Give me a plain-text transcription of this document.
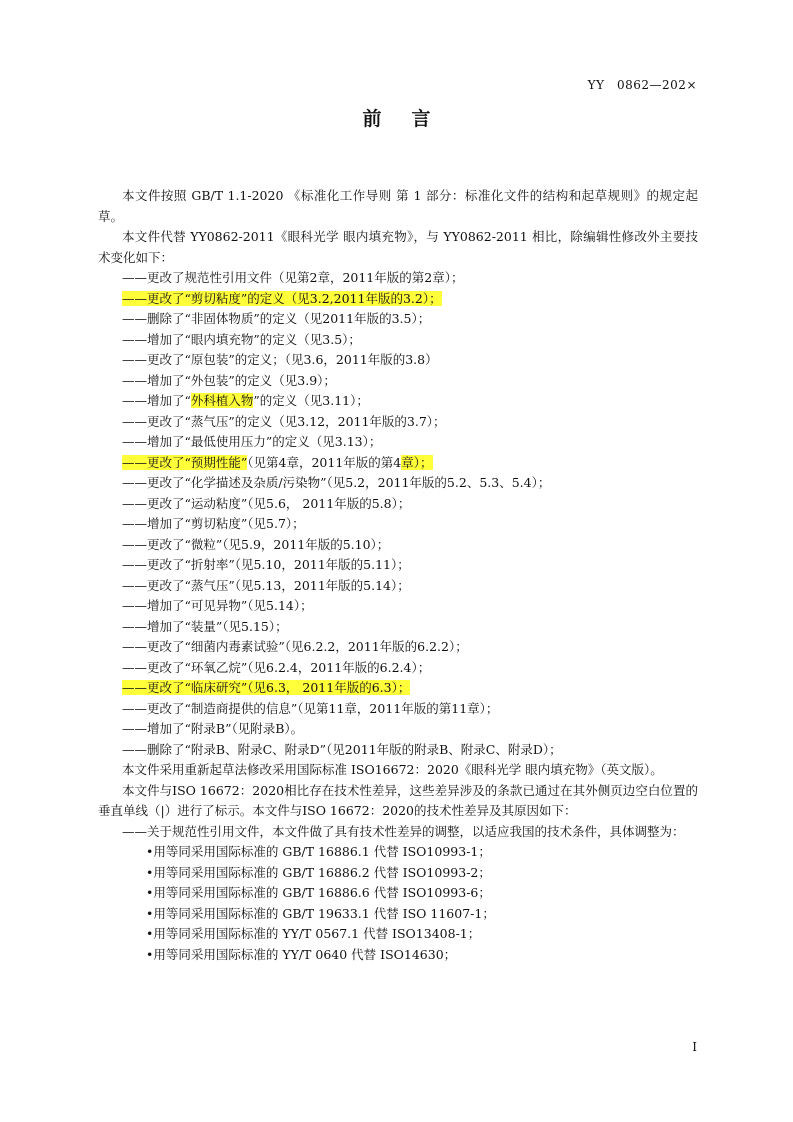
YY　0862—202×
前言

本文件按照 GB/T 1.1-2020 《标准化工作导则 第 1 部分：标准化文件的结构和起草规则》的规定起草。

本文件代替 YY0862-2011《眼科光学 眼内填充物》，与 YY0862-2011 相比，除编辑性修改外主要技术变化如下：

——更改了规范性引用文件（见第2章，2011年版的第2章）；

——更改了“剪切粘度”的定义（见3.2,2011年版的3.2）；

——删除了“非固体物质”的定义（见2011年版的3.5）；

——增加了“眼内填充物”的定义（见3.5）；

——更改了“原包装”的定义；（见3.6，2011年版的3.8）

——增加了“外包装”的定义（见3.9）；

——增加了“外科植入物”的定义（见3.11）；

——更改了“蒸气压”的定义（见3.12，2011年版的3.7）；

——增加了“最低使用压力”的定义（见3.13）；

——更改了“预期性能”（见第4章，2011年版的第4章）；

——更改了“化学描述及杂质/污染物”（见5.2，2011年版的5.2、5.3、5.4）；

——更改了“运动粘度”（见5.6， 2011年版的5.8）；

——增加了“剪切粘度”（见5.7）；

——更改了“微粒”（见5.9，2011年版的5.10）；

——更改了“折射率”（见5.10，2011年版的5.11）；

——更改了“蒸气压”（见5.13，2011年版的5.14）；

——增加了“可见异物”（见5.14）；

——增加了“装量”（见5.15）；

——更改了“细菌内毒素试验”（见6.2.2，2011年版的6.2.2）；

——更改了“环氧乙烷”（见6.2.4，2011年版的6.2.4）；

——更改了“临床研究”（见6.3， 2011年版的6.3）；

——更改了“制造商提供的信息”（见第11章，2011年版的第11章）；

——增加了“附录B”（见附录B）。

——删除了“附录B、附录C、附录D”（见2011年版的附录B、附录C、附录D）；

本文件采用重新起草法修改采用国际标准 ISO16672：2020《眼科光学 眼内填充物》（英文版）。

本文件与ISO 16672：2020相比存在技术性差异，这些差异涉及的条款已通过在其外侧页边空白位置的垂直单线（|）进行了标示。本文件与ISO 16672：2020的技术性差异及其原因如下：

——关于规范性引用文件，本文件做了具有技术性差异的调整，以适应我国的技术条件，具体调整为：

•用等同采用国际标准的 GB/T 16886.1 代替 ISO10993-1；

•用等同采用国际标准的 GB/T 16886.2 代替 ISO10993-2；

•用等同采用国际标准的 GB/T 16886.6 代替 ISO10993-6；

•用等同采用国际标准的 GB/T 19633.1 代替 ISO 11607-1；

•用等同采用国际标准的 YY/T 0567.1 代替 ISO13408-1；

•用等同采用国际标准的 YY/T 0640 代替 ISO14630；

I
